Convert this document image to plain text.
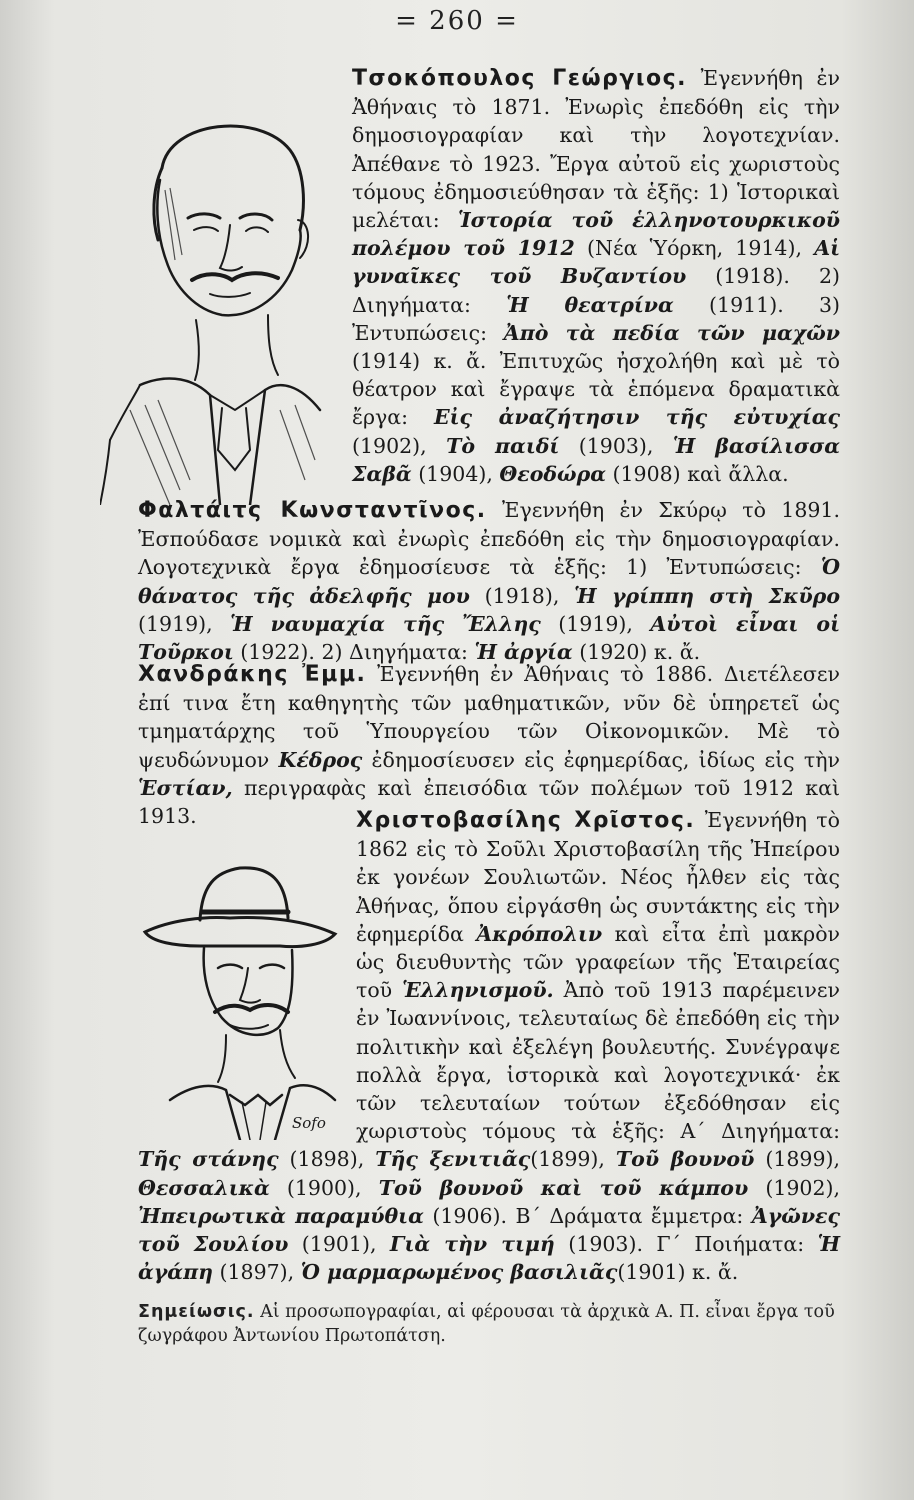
= 260 =
Sofo
Τσοκόπουλος Γεώργιος. Ἐγεννήθη ἐν Ἀθήναις τὸ 1871. Ἐνωρὶς ἐπεδόθη εἰς τὴν δημοσιογραφίαν καὶ τὴν λογοτεχνίαν. Ἀπέθανε τὸ 1923. Ἔργα αὐτοῦ εἰς χωριστοὺς τόμους ἐδημοσιεύθησαν τὰ ἑξῆς: 1) Ἱστορικαὶ μελέται: Ἱστορία τοῦ ἑλληνοτουρκικοῦ πολέμου τοῦ 1912 (Νέα Ὑόρκη, 1914), Αἱ γυναῖκες τοῦ Βυζαντίου (1918). 2) Διηγήματα: Ἡ θεατρίνα (1911). 3) Ἐντυπώσεις: Ἀπὸ τὰ πεδία τῶν μαχῶν (1914) κ. ἄ. Ἐπιτυχῶς ἠσχολήθη καὶ μὲ τὸ θέατρον καὶ ἔγραψε τὰ ἑπόμενα δραματικὰ ἔργα: Εἰς ἀναζήτησιν τῆς εὐτυχίας (1902), Τὸ παιδί (1903), Ἡ βασίλισσα Σαβᾶ (1904), Θεοδώρα (1908) καὶ ἄλλα.
Φαλτάιτς Κωνσταντῖνος. Ἐγεννήθη ἐν Σκύρῳ τὸ 1891. Ἐσπούδασε νομικὰ καὶ ἐνωρὶς ἐπεδόθη εἰς τὴν δημοσιογραφίαν. Λογοτεχνικὰ ἔργα ἐδημοσίευσε τὰ ἑξῆς: 1) Ἐντυπώσεις: Ὁ θάνατος τῆς ἀδελφῆς μου (1918), Ἡ γρίππη στὴ Σκῦρο (1919), Ἡ ναυμαχία τῆς Ἔλλης (1919), Αὐτοὶ εἶναι οἱ Τοῦρκοι (1922). 2) Διηγήματα: Ἡ ἀργία (1920) κ. ἄ.
Χανδράκης Ἐμμ. Ἐγεννήθη ἐν Ἀθήναις τὸ 1886. Διετέλεσεν ἐπί τινα ἔτη καθηγητὴς τῶν μαθηματικῶν, νῦν δὲ ὑπηρετεῖ ὡς τμηματάρχης τοῦ Ὑπουργείου τῶν Οἰκονομικῶν. Μὲ τὸ ψευδώνυμον Κέδρος ἐδημοσίευσεν εἰς ἐφημερίδας, ἰδίως εἰς τὴν Ἑστίαν, περιγραφὰς καὶ ἐπεισόδια τῶν πολέμων τοῦ 1912 καὶ 1913.	Χριστοβασίλης Χρῖστος. Ἐγεννήθη τὸ 1862 εἰς τὸ Σοῦλι Χριστοβασίλη τῆς Ἠπείρου ἐκ γονέων Σουλιωτῶν. Νέος ἦλθεν εἰς τὰς Ἀθήνας, ὅπου εἰργάσθη ὡς συντάκτης εἰς τὴν ἐφημερίδα Ἀκρόπολιν καὶ εἶτα ἐπὶ μακρὸν ὡς διευθυντὴς τῶν γραφείων τῆς Ἑταιρείας τοῦ Ἑλληνισμοῦ. Ἀπὸ τοῦ 1913 παρέμεινεν ἐν Ἰωαννίνοις, τελευταίως δὲ ἐπεδόθη εἰς τὴν πολιτικὴν καὶ ἐξελέγη βουλευτής. Συνέγραψε πολλὰ ἔργα, ἱστορικὰ καὶ λογοτεχνικά· ἐκ τῶν τελευταίων τούτων ἐξεδόθησαν εἰς χωριστοὺς τόμους τὰ ἑξῆς: Α΄ Διηγήματα: Τῆς στάνης (1898), Τῆς ξενιτιᾶς(1899), Τοῦ βουνοῦ (1899), Θεσσαλικὰ (1900), Τοῦ βουνοῦ καὶ τοῦ κάμπου (1902), Ἠπειρωτικὰ παραμύθια (1906). Β΄ Δράματα ἔμμετρα: Ἀγῶνες τοῦ Σουλίου (1901), Γιὰ τὴν τιμή (1903). Γ΄ Ποιήματα: Ἡ ἀγάπη (1897), Ὁ μαρμαρωμένος βασιλιᾶς(1901) κ. ἄ.
Σημείωσις. Αἱ προσωπογραφίαι, αἱ φέρουσαι τὰ ἀρχικὰ Α. Π. εἶναι ἔργα τοῦ ζωγράφου Ἀντωνίου Πρωτοπάτση.
